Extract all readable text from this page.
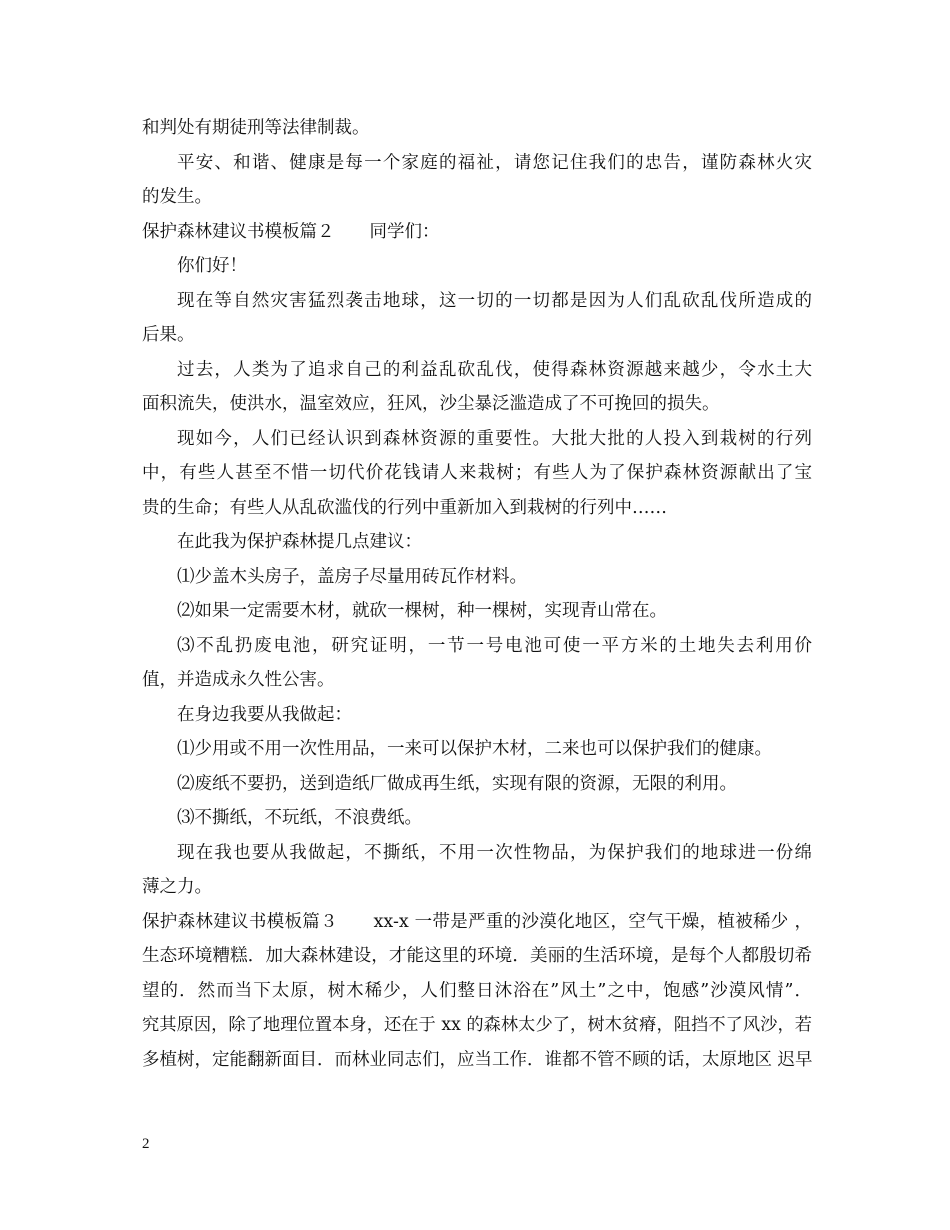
和判处有期徒刑等法律制裁。
平安、和谐、健康是每一个家庭的福祉，请您记住我们的忠告，谨防森林火灾
的发生。
保护森林建议书模板篇２　　同学们：
你们好！
现在等自然灾害猛烈袭击地球，这一切的一切都是因为人们乱砍乱伐所造成的
后果。
过去，人类为了追求自己的利益乱砍乱伐，使得森林资源越来越少，令水土大
面积流失，使洪水，温室效应，狂风，沙尘暴泛滥造成了不可挽回的损失。
现如今，人们已经认识到森林资源的重要性。大批大批的人投入到栽树的行列
中，有些人甚至不惜一切代价花钱请人来栽树；有些人为了保护森林资源献出了宝
贵的生命；有些人从乱砍滥伐的行列中重新加入到栽树的行列中……
在此我为保护森林提几点建议：
⑴少盖木头房子，盖房子尽量用砖瓦作材料。
⑵如果一定需要木材，就砍一棵树，种一棵树，实现青山常在。
⑶不乱扔废电池，研究证明，一节一号电池可使一平方米的土地失去利用价
值，并造成永久性公害。
在身边我要从我做起：
⑴少用或不用一次性用品，一来可以保护木材，二来也可以保护我们的健康。
⑵废纸不要扔，送到造纸厂做成再生纸，实现有限的资源，无限的利用。
⑶不撕纸，不玩纸，不浪费纸。
现在我也要从我做起，不撕纸，不用一次性物品，为保护我们的地球进一份绵
薄之力。
保护森林建议书模板篇３　　xx-x 一带是严重的沙漠化地区，空气干燥，植被稀少 ，
生态环境糟糕．加大森林建设，才能这里的环境．美丽的生活环境，是每个人都殷切希
望的．然而当下太原，树木稀少，人们整日沐浴在”风土”之中，饱感”沙漠风情”．
究其原因，除了地理位置本身，还在于 xx 的森林太少了，树木贫瘠，阻挡不了风沙，若
多植树，定能翻新面目．而林业同志们，应当工作．谁都不管不顾的话，太原地区 迟早
2
